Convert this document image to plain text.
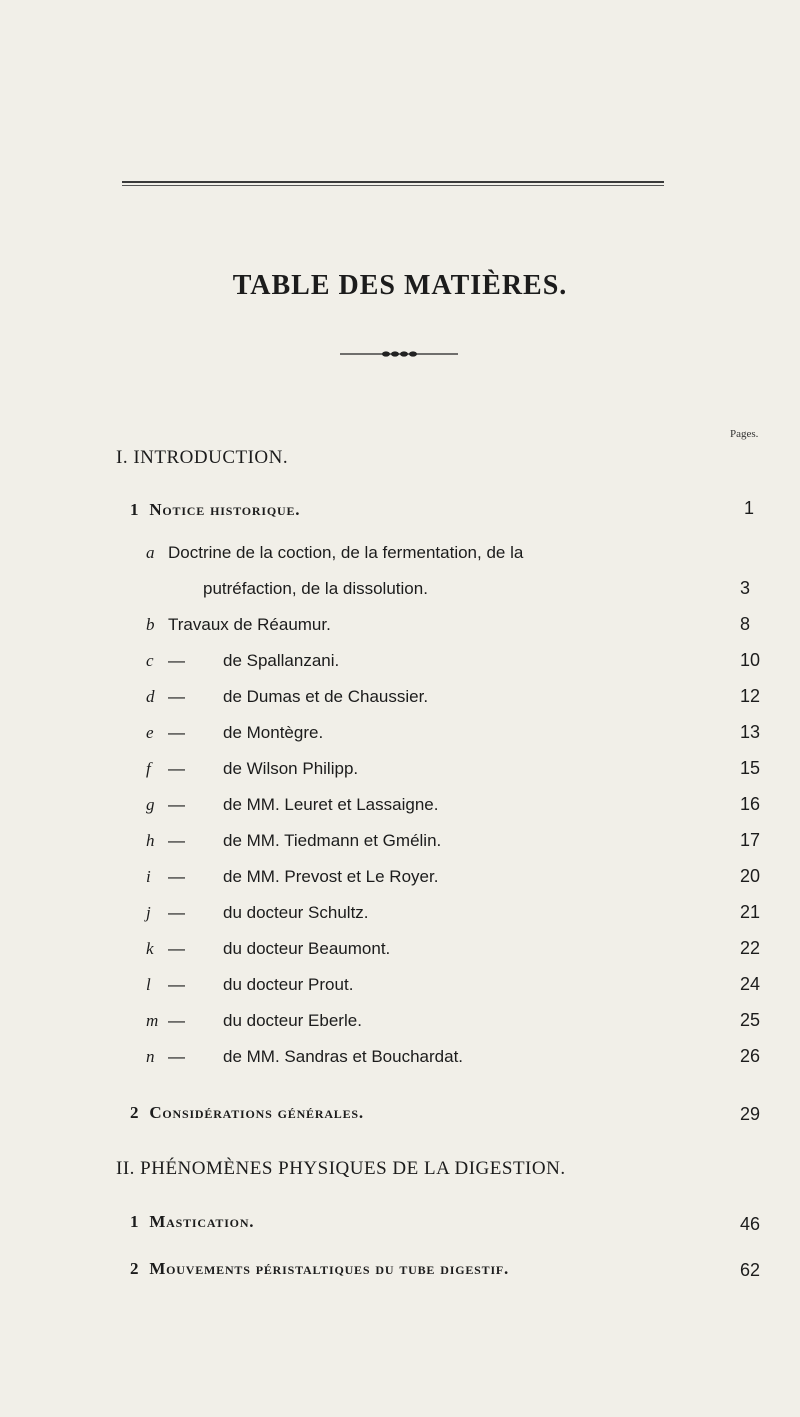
TABLE DES MATIÈRES.
Pages.
I. INTRODUCTION.
1 Notice historique.	1
a Doctrine de la coction, de la fermentation, de la
putréfaction, de la dissolution.	3
b Travaux de Réaumur.	8
c — de Spallanzani.	10
d — de Dumas et de Chaussier.	12
e — de Montègre.	13
f — de Wilson Philipp.	15
g — de MM. Leuret et Lassaigne.	16
h — de MM. Tiedmann et Gmélin.	17
i — de MM. Prevost et Le Royer.	20
j — du docteur Schultz.	21
k — du docteur Beaumont.	22
l — du docteur Prout.	24
m — du docteur Eberle.	25
n — de MM. Sandras et Bouchardat.	26
2 Considérations générales.	29
II. PHÉNOMÈNES PHYSIQUES DE LA DIGESTION.
1 Mastication.	46
2 Mouvements péristaltiques du tube digestif.	62
